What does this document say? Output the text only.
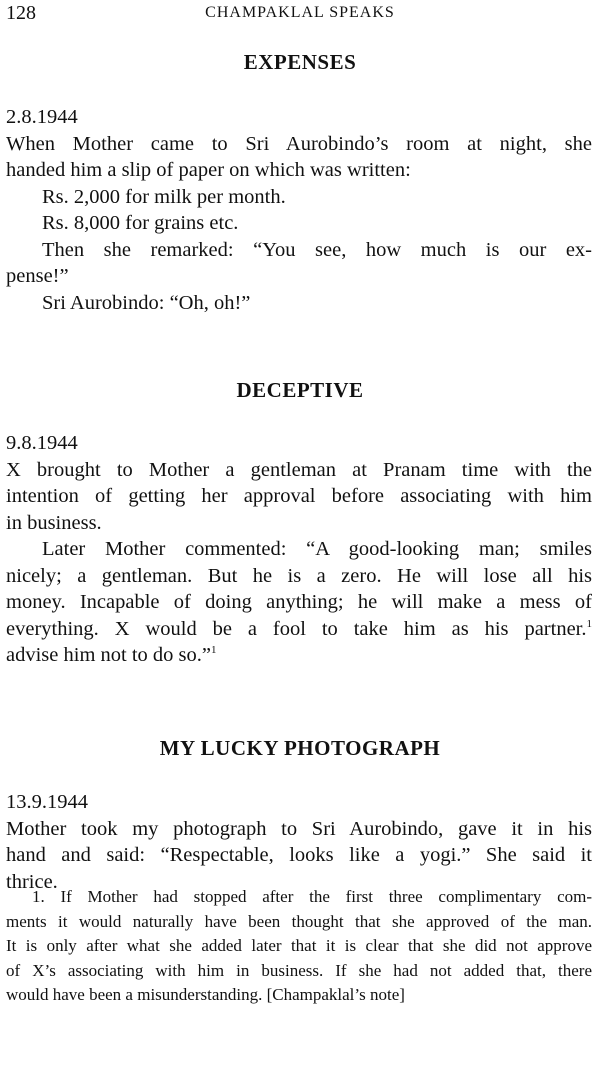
128	CHAMPAKLAL SPEAKS
EXPENSES
2.8.1944
When Mother came to Sri Aurobindo’s room at night, she
handed him a slip of paper on which was written:
Rs. 2,000 for milk per month.
Rs. 8,000 for grains etc.
Then she remarked: “You see, how much is our ex-
pense!”
Sri Aurobindo: “Oh, oh!”
DECEPTIVE
9.8.1944
X brought to Mother a gentleman at Pranam time with the
intention of getting her approval before associating with him
in business.
Later Mother commented: “A good-looking man; smiles
nicely; a gentleman. But he is a zero. He will lose all his
money. Incapable of doing anything; he will make a mess of
everything. X would be a fool to take him as his partner.$^1$
advise him not to do so.”$^1$
MY LUCKY PHOTOGRAPH
13.9.1944
Mother took my photograph to Sri Aurobindo, gave it in his
hand and said: “Respectable, looks like a yogi.” She said it
thrice.
1. If Mother had stopped after the first three complimentary com-
ments it would naturally have been thought that she approved of the man.
It is only after what she added later that it is clear that she did not approve
of X’s associating with him in business. If she had not added that, there
would have been a misunderstanding. [Champaklal’s note]
